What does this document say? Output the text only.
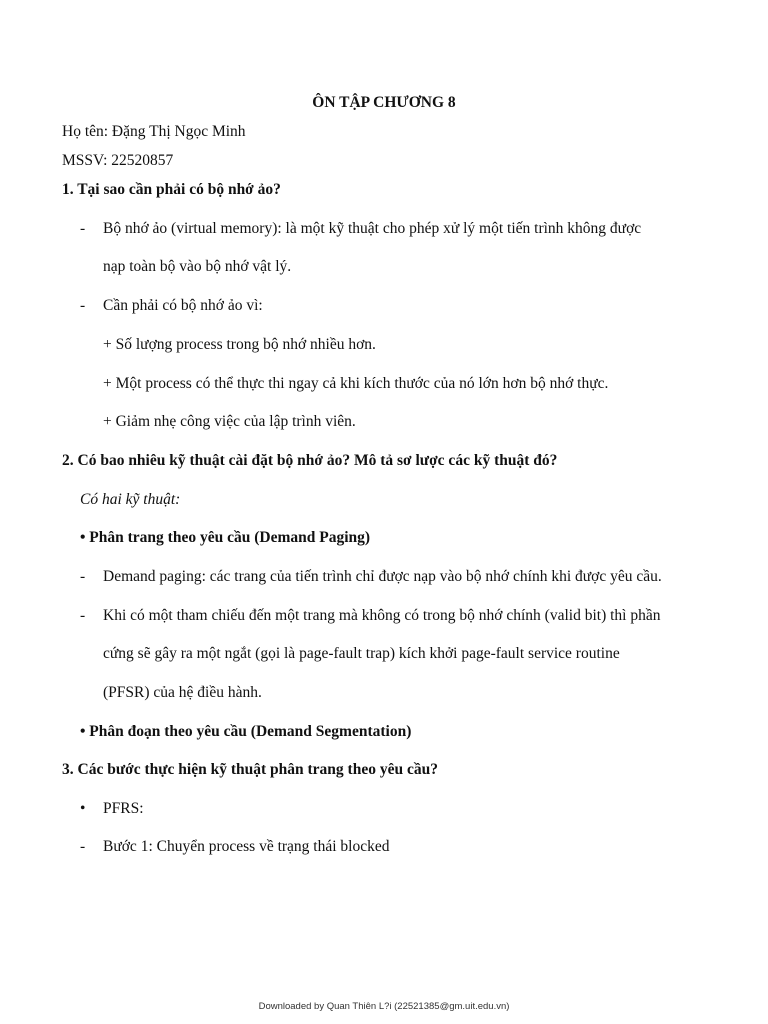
ÔN TẬP CHƯƠNG 8
Họ tên: Đặng Thị Ngọc Minh
MSSV: 22520857
1. Tại sao cần phải có bộ nhớ ảo?
- Bộ nhớ ảo (virtual memory): là một kỹ thuật cho phép xử lý một tiến trình không được
nạp toàn bộ vào bộ nhớ vật lý.
- Cần phải có bộ nhớ ảo vì:
+ Số lượng process trong bộ nhớ nhiều hơn.
+ Một process có thể thực thi ngay cả khi kích thước của nó lớn hơn bộ nhớ thực.
+ Giảm nhẹ công việc của lập trình viên.
2. Có bao nhiêu kỹ thuật cài đặt bộ nhớ ảo? Mô tả sơ lược các kỹ thuật đó?
Có hai kỹ thuật:
• Phân trang theo yêu cầu (Demand Paging)
- Demand paging: các trang của tiến trình chỉ được nạp vào bộ nhớ chính khi được yêu cầu.
- Khi có một tham chiếu đến một trang mà không có trong bộ nhớ chính (valid bit) thì phần
cứng sẽ gây ra một ngắt (gọi là page-fault trap) kích khởi page-fault service routine
(PFSR) của hệ điều hành.
• Phân đoạn theo yêu cầu (Demand Segmentation)
3. Các bước thực hiện kỹ thuật phân trang theo yêu cầu?
• PFRS:
- Bước 1: Chuyển process về trạng thái blocked
Downloaded by Quan Thiên L?i (22521385@gm.uit.edu.vn)
